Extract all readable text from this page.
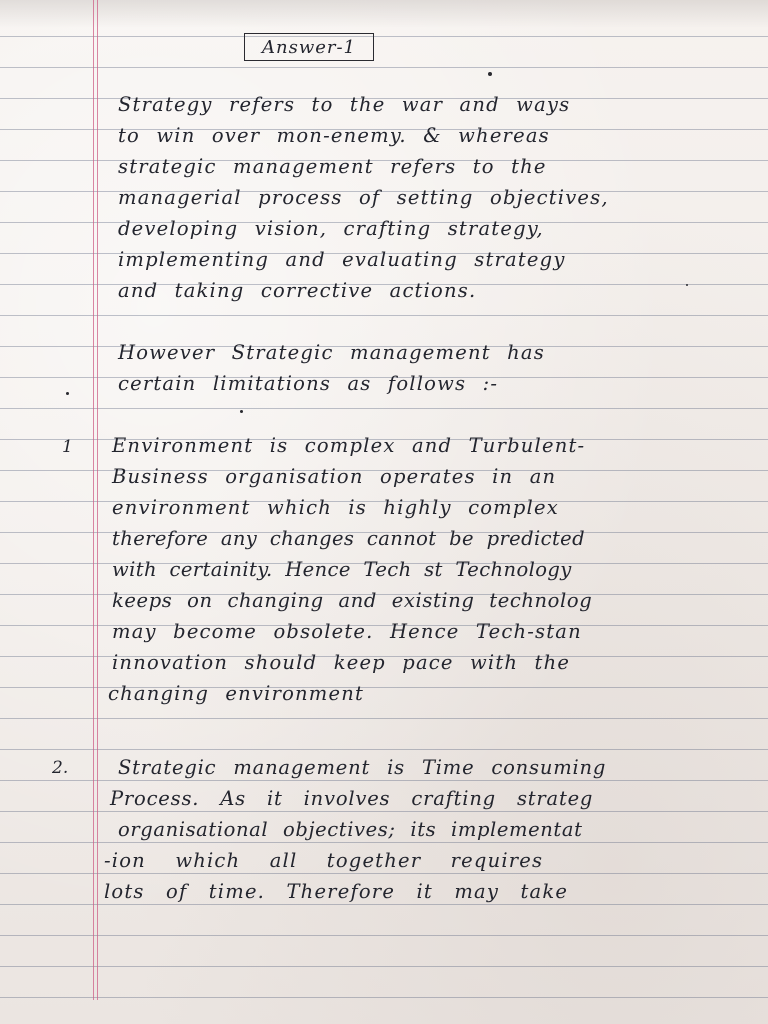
Answer-1

Strategy refers to the war and ways

to win over mon-enemy. & whereas

strategic management refers to the

managerial process of setting objectives,

developing vision, crafting strategy,

implementing and evaluating strategy

and taking corrective actions.

However Strategic management has

certain limitations as follows :-

1 Environment is complex and Turbulent-

Business organisation operates in an

environment which is highly complex

therefore any changes cannot be predicted

with certainity. Hence Tech st Technology

keeps on changing and existing technolog

may become obsolete. Hence Tech-stan

innovation should keep pace with the

changing environment

2.	Strategic management is Time consuming

Process. As it involves crafting strateg

organisational objectives; its implementat

-ion which all together requires

lots of time. Therefore it may take
